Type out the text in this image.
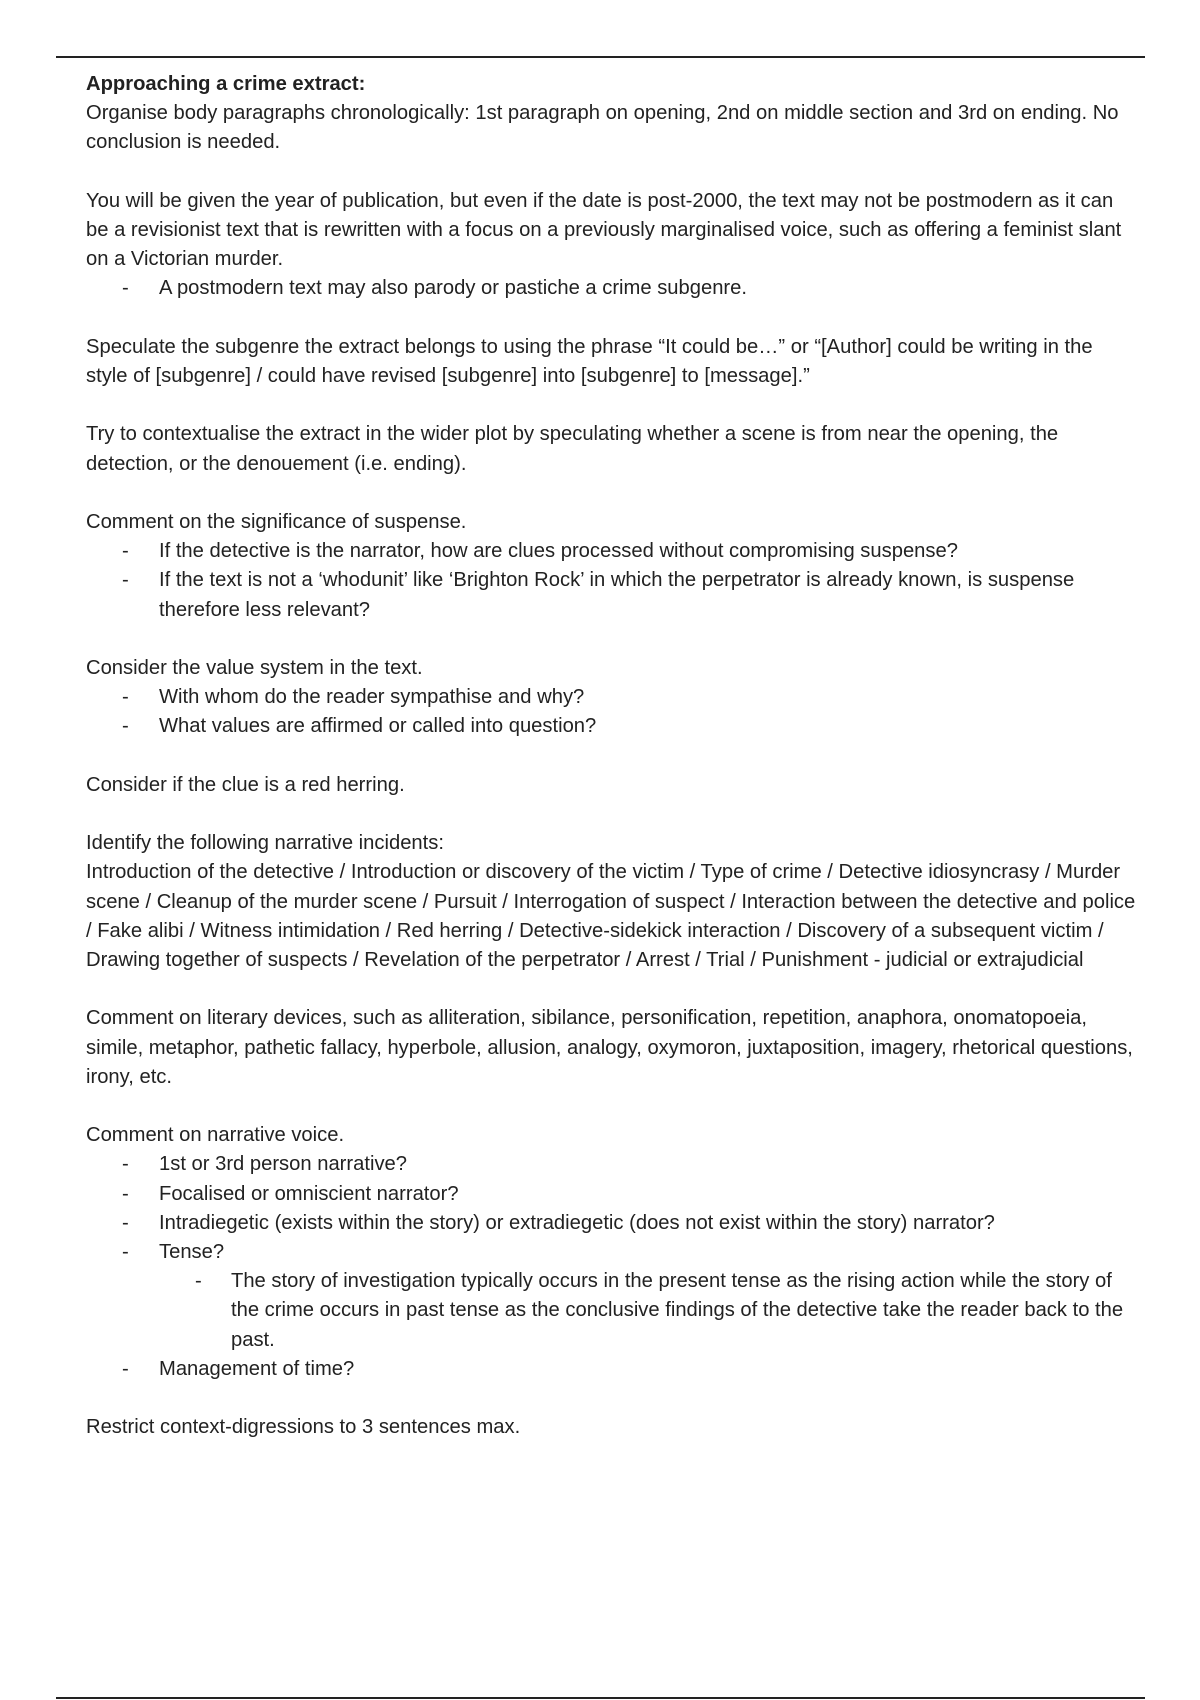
Approaching a crime extract:

Organise body paragraphs chronologically: 1st paragraph on opening, 2nd on middle section and 3rd on ending. No conclusion is needed.

You will be given the year of publication, but even if the date is post-2000, the text may not be postmodern as it can be a revisionist text that is rewritten with a focus on a previously marginalised voice, such as offering a feminist slant on a Victorian murder.

- A postmodern text may also parody or pastiche a crime subgenre.

Speculate the subgenre the extract belongs to using the phrase “It could be…” or “[Author] could be writing in the style of [subgenre] / could have revised [subgenre] into [subgenre] to [message].”

Try to contextualise the extract in the wider plot by speculating whether a scene is from near the opening, the detection, or the denouement (i.e. ending).

Comment on the significance of suspense.

- If the detective is the narrator, how are clues processed without compromising suspense?
- If the text is not a ‘whodunit’ like ‘Brighton Rock’ in which the perpetrator is already known, is suspense therefore less relevant?

Consider the value system in the text.

- With whom do the reader sympathise and why?
- What values are affirmed or called into question?

Consider if the clue is a red herring.

Identify the following narrative incidents:

Introduction of the detective / Introduction or discovery of the victim / Type of crime / Detective idiosyncrasy / Murder scene / Cleanup of the murder scene / Pursuit / Interrogation of suspect / Interaction between the detective and police / Fake alibi / Witness intimidation / Red herring / Detective-sidekick interaction / Discovery of a subsequent victim / Drawing together of suspects / Revelation of the perpetrator / Arrest / Trial / Punishment - judicial or extrajudicial

Comment on literary devices, such as alliteration, sibilance, personification, repetition, anaphora, onomatopoeia, simile, metaphor, pathetic fallacy, hyperbole, allusion, analogy, oxymoron, juxtaposition, imagery, rhetorical questions, irony, etc.

Comment on narrative voice.

- 1st or 3rd person narrative?
- Focalised or omniscient narrator?
- Intradiegetic (exists within the story) or extradiegetic (does not exist within the story) narrator?
- Tense?
- The story of investigation typically occurs in the present tense as the rising action while the story of the crime occurs in past tense as the conclusive findings of the detective take the reader back to the past.
- Management of time?

Restrict context-digressions to 3 sentences max.
